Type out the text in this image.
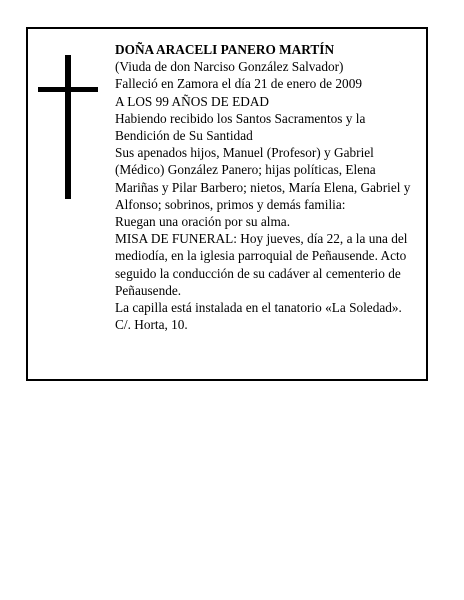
DOÑA ARACELI PANERO MARTÍN

(Viuda de don Narciso González Salvador)

Falleció en Zamora el día 21 de enero de 2009

A LOS 99 AÑOS DE EDAD

Habiendo recibido los Santos Sacramentos y la Bendición de Su Santidad

Sus apenados hijos, Manuel (Profesor) y Gabriel (Médico) González Panero; hijas políticas, Elena Mariñas y Pilar Barbero; nietos, María Elena, Gabriel y Alfonso; sobrinos, primos y demás familia:

Ruegan una oración por su alma.

MISA DE FUNERAL: Hoy jueves, día 22, a la una del mediodía, en la iglesia parroquial de Peñausende. Acto seguido la conducción de su cadáver al cementerio de Peñausende.

La capilla está instalada en el tanatorio «La Soledad». C/. Horta, 10.
